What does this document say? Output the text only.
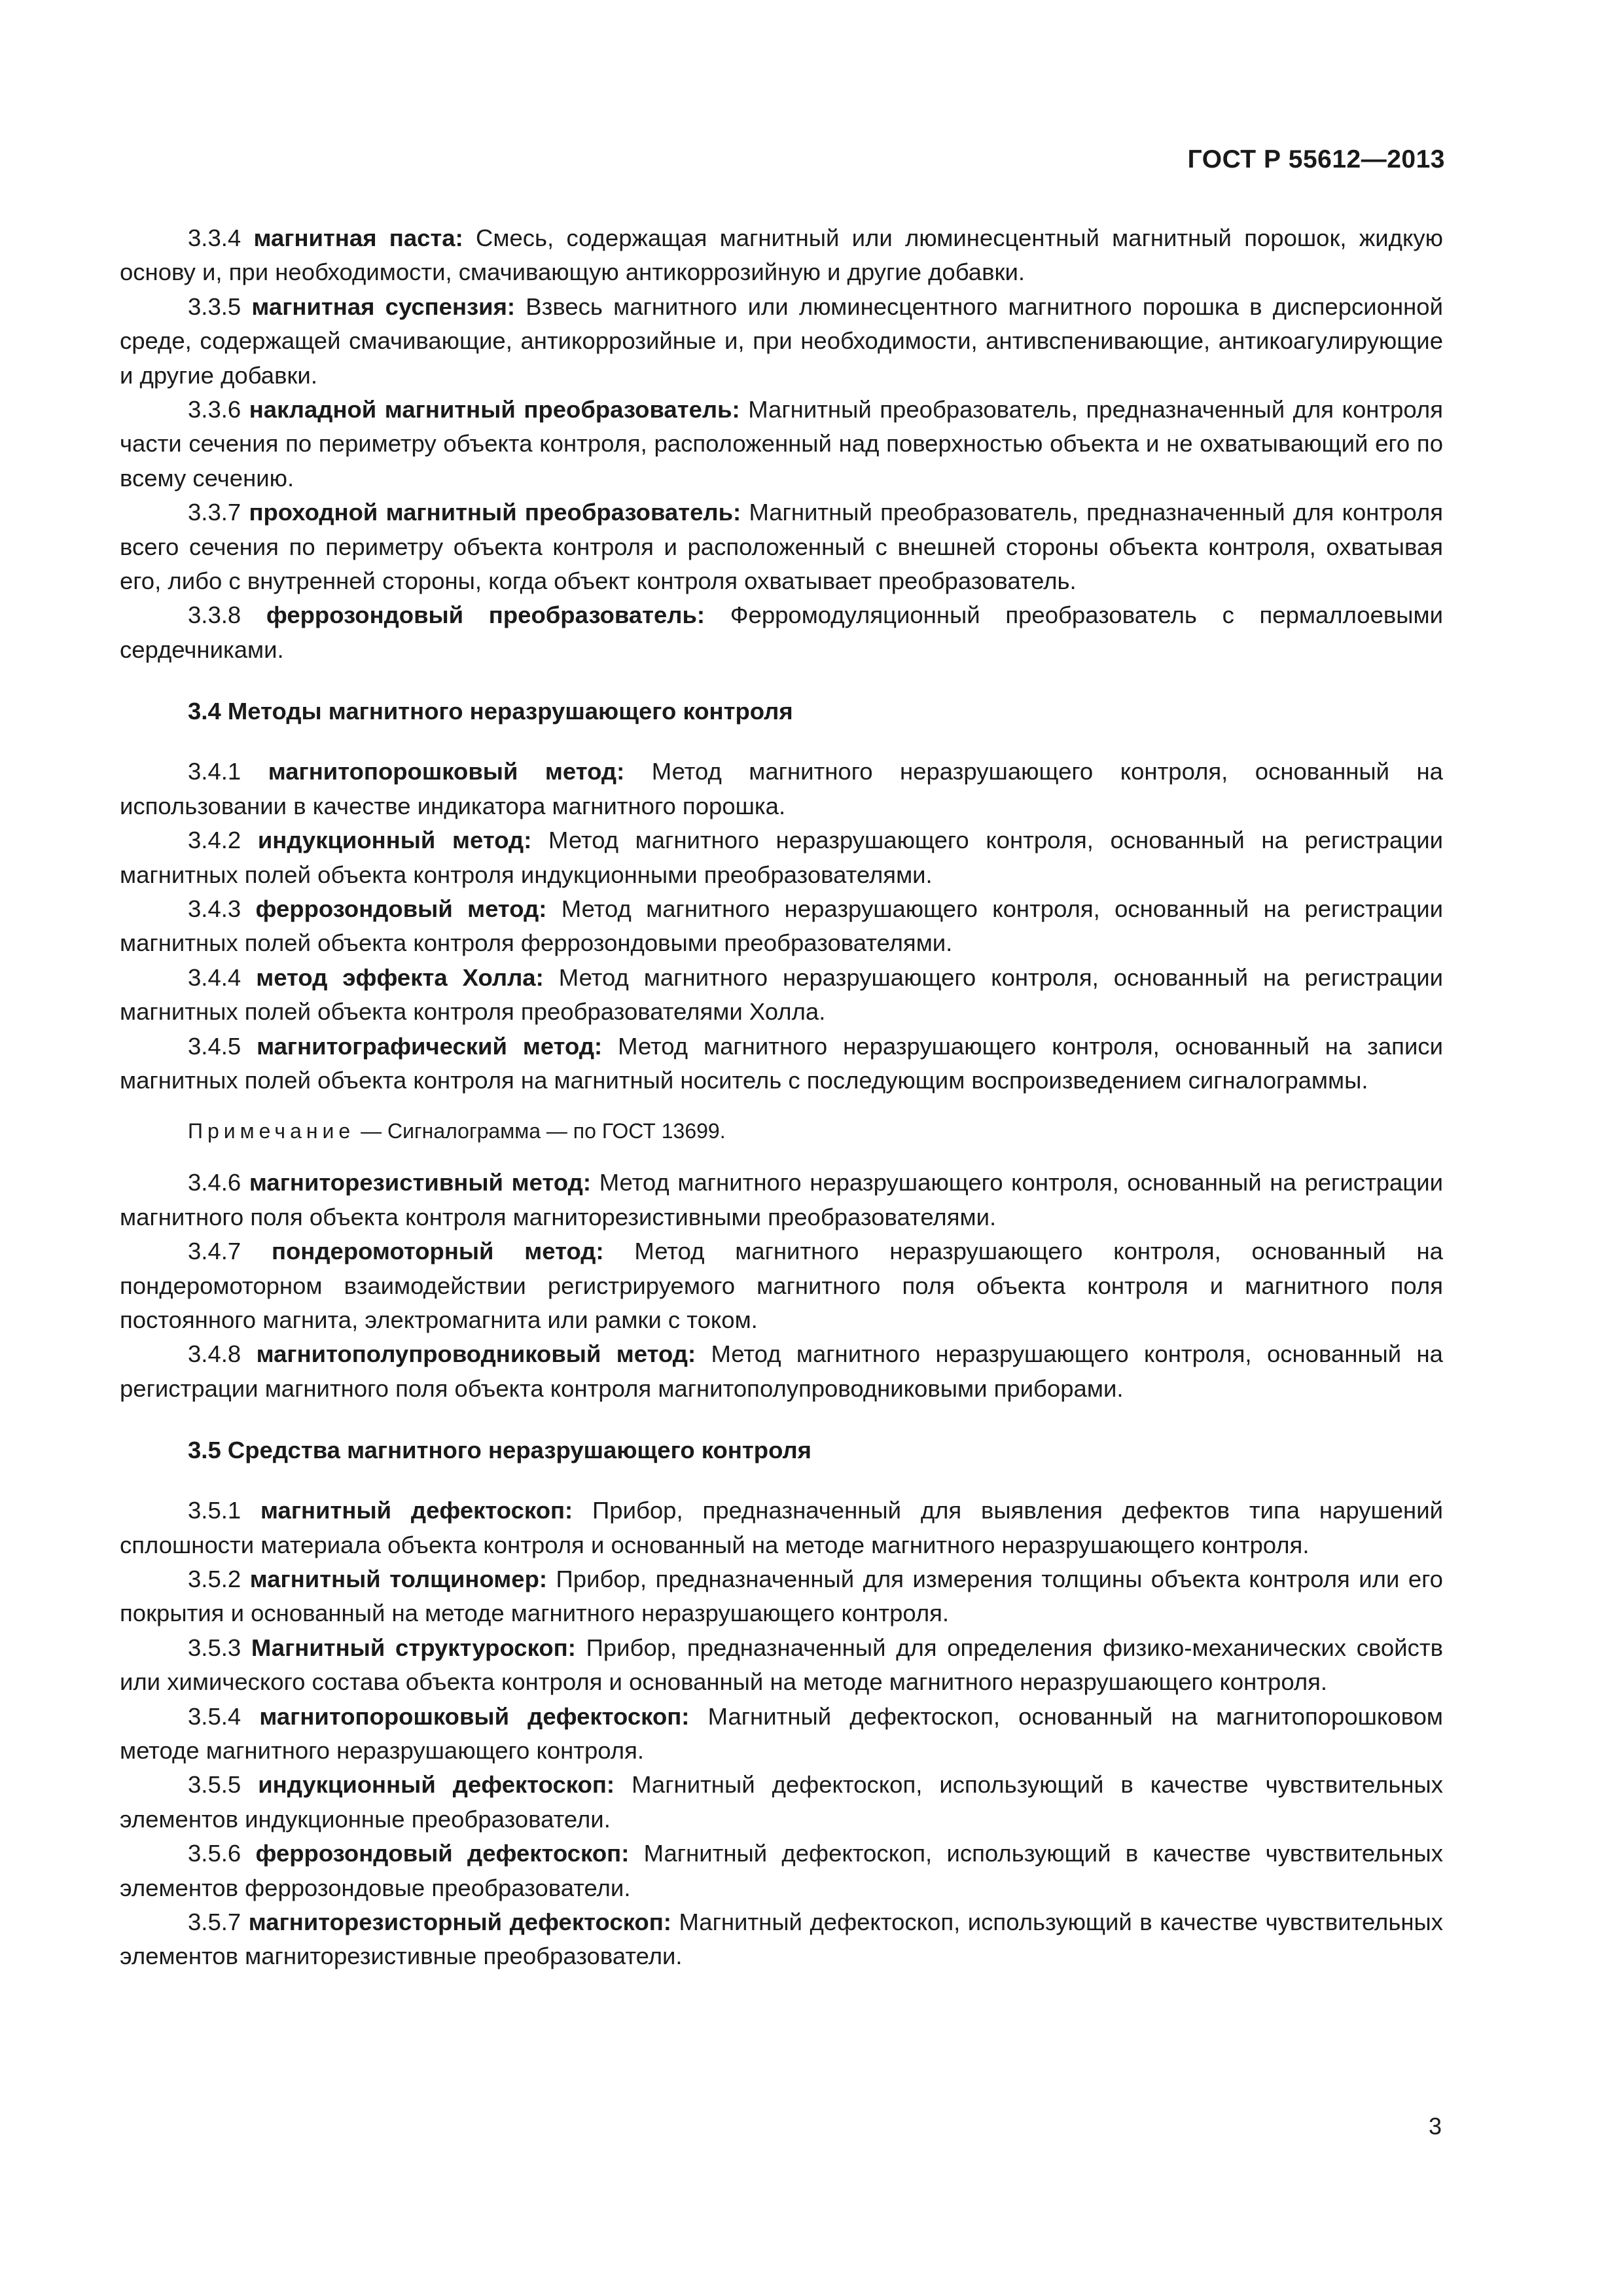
ГОСТ Р 55612—2013

3.3.4 магнитная паста: Смесь, содержащая магнитный или люминесцентный магнитный порошок, жидкую основу и, при необходимости, смачивающую антикоррозийную и другие добавки.

3.3.5 магнитная суспензия: Взвесь магнитного или люминесцентного магнитного порошка в дисперсионной среде, содержащей смачивающие, антикоррозийные и, при необходимости, антивспенивающие, антикоагулирующие и другие добавки.

3.3.6 накладной магнитный преобразователь: Магнитный преобразователь, предназначенный для контроля части сечения по периметру объекта контроля, расположенный над поверхностью объекта и не охватывающий его по всему сечению.

3.3.7 проходной магнитный преобразователь: Магнитный преобразователь, предназначенный для контроля всего сечения по периметру объекта контроля и расположенный с внешней стороны объекта контроля, охватывая его, либо с внутренней стороны, когда объект контроля охватывает преобразователь.

3.3.8 феррозондовый преобразователь: Ферромодуляционный преобразователь с пермаллоевыми сердечниками.

3.4 Методы магнитного неразрушающего контроля

3.4.1 магнитопорошковый метод: Метод магнитного неразрушающего контроля, основанный на использовании в качестве индикатора магнитного порошка.

3.4.2 индукционный метод: Метод магнитного неразрушающего контроля, основанный на регистрации магнитных полей объекта контроля индукционными преобразователями.

3.4.3 феррозондовый метод: Метод магнитного неразрушающего контроля, основанный на регистрации магнитных полей объекта контроля феррозондовыми преобразователями.

3.4.4 метод эффекта Холла: Метод магнитного неразрушающего контроля, основанный на регистрации магнитных полей объекта контроля преобразователями Холла.

3.4.5 магнитографический метод: Метод магнитного неразрушающего контроля, основанный на записи магнитных полей объекта контроля на магнитный носитель с последующим воспроизведением сигналограммы.

Примечание — Сигналограмма — по ГОСТ 13699.

3.4.6 магниторезистивный метод: Метод магнитного неразрушающего контроля, основанный на регистрации магнитного поля объекта контроля магниторезистивными преобразователями.

3.4.7 пондеромоторный метод: Метод магнитного неразрушающего контроля, основанный на пондеромоторном взаимодействии регистрируемого магнитного поля объекта контроля и магнитного поля постоянного магнита, электромагнита или рамки с током.

3.4.8 магнитополупроводниковый метод: Метод магнитного неразрушающего контроля, основанный на регистрации магнитного поля объекта контроля магнитополупроводниковыми приборами.

3.5 Средства магнитного неразрушающего контроля

3.5.1 магнитный дефектоскоп: Прибор, предназначенный для выявления дефектов типа нарушений сплошности материала объекта контроля и основанный на методе магнитного неразрушающего контроля.

3.5.2 магнитный толщиномер: Прибор, предназначенный для измерения толщины объекта контроля или его покрытия и основанный на методе магнитного неразрушающего контроля.

3.5.3 Магнитный структуроскоп: Прибор, предназначенный для определения физико-механических свойств или химического состава объекта контроля и основанный на методе магнитного неразрушающего контроля.

3.5.4 магнитопорошковый дефектоскоп: Магнитный дефектоскоп, основанный на магнитопорошковом методе магнитного неразрушающего контроля.

3.5.5 индукционный дефектоскоп: Магнитный дефектоскоп, использующий в качестве чувствительных элементов индукционные преобразователи.

3.5.6 феррозондовый дефектоскоп: Магнитный дефектоскоп, использующий в качестве чувствительных элементов феррозондовые преобразователи.

3.5.7 магниторезисторный дефектоскоп: Магнитный дефектоскоп, использующий в качестве чувствительных элементов магниторезистивные преобразователи.

3
